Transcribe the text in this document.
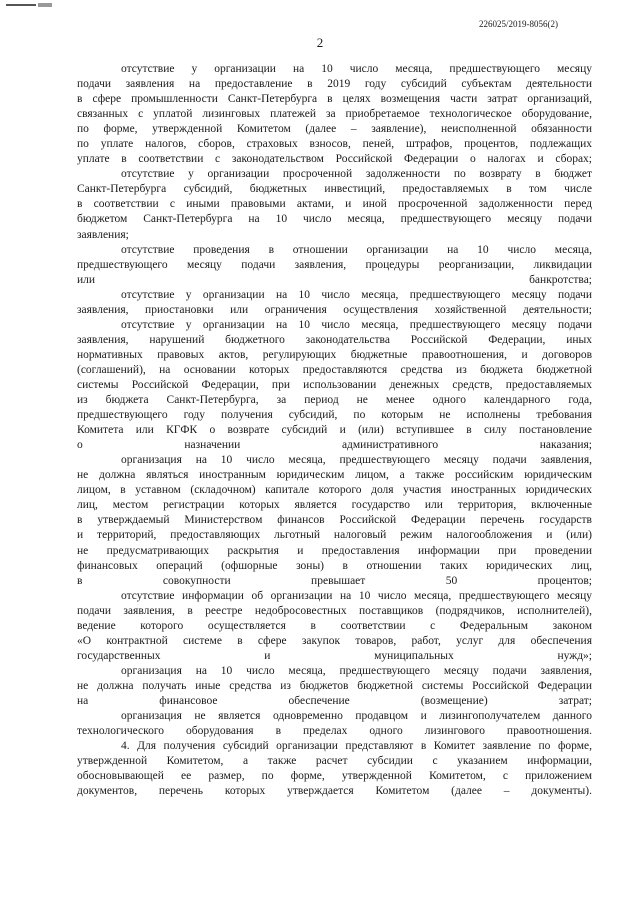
226025/2019-8056(2)
2

отсутствие у организации на 10 число месяца, предшествующего месяцу
подачи заявления на предоставление в 2019 году субсидий субъектам деятельности
в сфере промышленности Санкт-Петербурга в целях возмещения части затрат организаций,
связанных с уплатой лизинговых платежей за приобретаемое технологическое оборудование,
по форме, утвержденной Комитетом (далее – заявление), неисполненной обязанности
по уплате налогов, сборов, страховых взносов, пеней, штрафов, процентов, подлежащих
уплате в соответствии с законодательством Российской Федерации о налогах и сборах;

отсутствие у организации просроченной задолженности по возврату в бюджет
Санкт-Петербурга субсидий, бюджетных инвестиций, предоставляемых в том числе
в соответствии с иными правовыми актами, и иной просроченной задолженности перед
бюджетом Санкт-Петербурга на 10 число месяца, предшествующего месяцу подачи
заявления;

отсутствие проведения в отношении организации на 10 число месяца,
предшествующего месяцу подачи заявления, процедуры реорганизации, ликвидации
или банкротства;

отсутствие у организации на 10 число месяца, предшествующего месяцу подачи
заявления, приостановки или ограничения осуществления хозяйственной деятельности;

отсутствие у организации на 10 число месяца, предшествующего месяцу подачи
заявления, нарушений бюджетного законодательства Российской Федерации, иных
нормативных правовых актов, регулирующих бюджетные правоотношения, и договоров
(соглашений), на основании которых предоставляются средства из бюджета бюджетной
системы Российской Федерации, при использовании денежных средств, предоставляемых
из бюджета Санкт-Петербурга, за период не менее одного календарного года,
предшествующего году получения субсидий, по которым не исполнены требования
Комитета или КГФК о возврате субсидий и (или) вступившее в силу постановление
о назначении административного наказания;

организация на 10 число месяца, предшествующего месяцу подачи заявления,
не должна являться иностранным юридическим лицом, а также российским юридическим
лицом, в уставном (складочном) капитале которого доля участия иностранных юридических
лиц, местом регистрации которых является государство или территория, включенные
в утверждаемый Министерством финансов Российской Федерации перечень государств
и территорий, предоставляющих льготный налоговый режим налогообложения и (или)
не предусматривающих раскрытия и предоставления информации при проведении
финансовых операций (офшорные зоны) в отношении таких юридических лиц,
в совокупности превышает 50 процентов;

отсутствие информации об организации на 10 число месяца, предшествующего месяцу
подачи заявления, в реестре недобросовестных поставщиков (подрядчиков, исполнителей),
ведение которого осуществляется в соответствии с Федеральным законом
«О контрактной системе в сфере закупок товаров, работ, услуг для обеспечения
государственных и муниципальных нужд»;

организация на 10 число месяца, предшествующего месяцу подачи заявления,
не должна получать иные средства из бюджетов бюджетной системы Российской Федерации
на финансовое обеспечение (возмещение) затрат;

организация не является одновременно продавцом и лизингополучателем данного
технологического оборудования в пределах одного лизингового правоотношения.

4. Для получения субсидий организации представляют в Комитет заявление по форме,
утвержденной Комитетом, а также расчет субсидии с указанием информации,
обосновывающей ее размер, по форме, утвержденной Комитетом, с приложением
документов, перечень которых утверждается Комитетом (далее – документы).
